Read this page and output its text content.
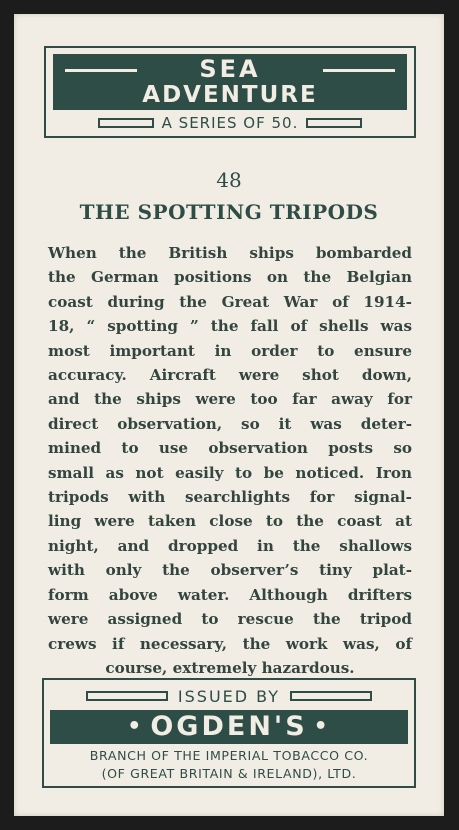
SEA
ADVENTURE
A SERIES OF 50.
48
THE SPOTTING TRIPODS
When the British ships bombarded
the German positions on the Belgian
coast during the Great War of 1914-
18, “ spotting ” the fall of shells was
most important in order to ensure
accuracy. Aircraft were shot down,
and the ships were too far away for
direct observation, so it was deter-
mined to use observation posts so
small as not easily to be noticed. Iron
tripods with searchlights for signal-
ling were taken close to the coast at
night, and dropped in the shallows
with only the observer’s tiny plat-
form above water. Although drifters
were assigned to rescue the tripod
crews if necessary, the work was, of
course, extremely hazardous.
ISSUED BY
• OGDEN'S •
BRANCH OF THE IMPERIAL TOBACCO CO.
(OF GREAT BRITAIN & IRELAND), LTD.
